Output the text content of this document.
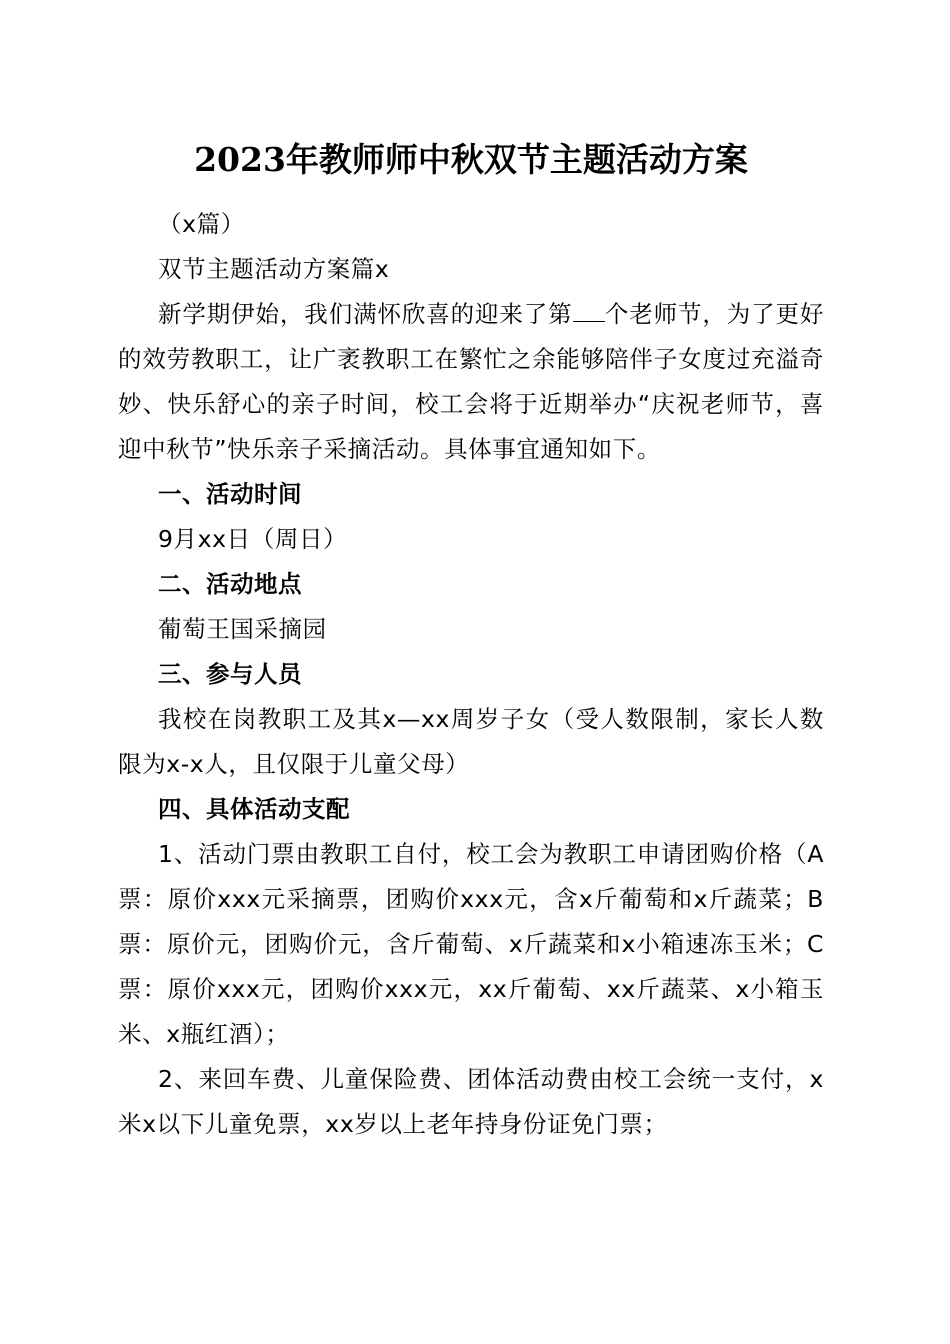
2023年教师师中秋双节主题活动方案

（x篇）

双节主题活动方案篇x

新学期伊始，我们满怀欣喜的迎来了第 个老师节，为了更好的效劳教职工，让广袤教职工在繁忙之余能够陪伴子女度过充溢奇妙、快乐舒心的亲子时间，校工会将于近期举办“庆祝老师节，喜迎中秋节”快乐亲子采摘活动。具体事宜通知如下。

一、活动时间

9月xx日（周日）

二、活动地点

葡萄王国采摘园

三、参与人员

我校在岗教职工及其x—xx周岁子女（受人数限制，家长人数限为x-x人，且仅限于儿童父母）

四、具体活动支配

1、活动门票由教职工自付，校工会为教职工申请团购价格（A票：原价xxx元采摘票，团购价xxx元，含x斤葡萄和x斤蔬菜；B票：原价元，团购价元，含斤葡萄、x斤蔬菜和x小箱速冻玉米；C票：原价xxx元，团购价xxx元，xx斤葡萄、xx斤蔬菜、x小箱玉米、x瓶红酒）；

2、来回车费、儿童保险费、团体活动费由校工会统一支付，x米x以下儿童免票，xx岁以上老年持身份证免门票；
